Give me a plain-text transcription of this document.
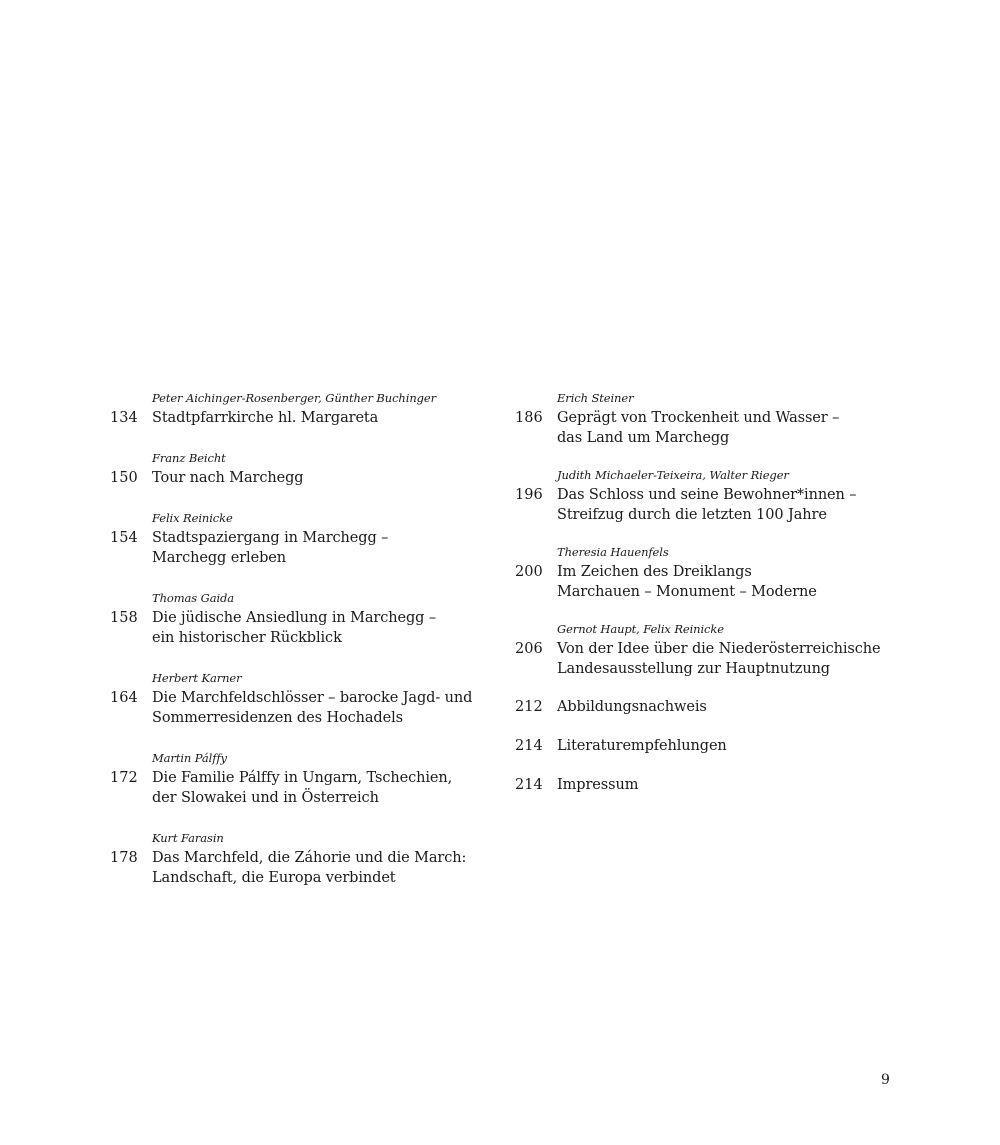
Peter Aichinger-Rosenberger, Günther Buchinger
134 Stadtpfarrkirche hl. Margareta
Franz Beicht
150 Tour nach Marchegg
Felix Reinicke
154 Stadtspaziergang in Marchegg –
Marchegg erleben
Thomas Gaida
158 Die jüdische Ansiedlung in Marchegg –
ein historischer Rückblick
Herbert Karner
164 Die Marchfeldschlösser – barocke Jagd- und
Sommerresidenzen des Hochadels
Martin Pálffy
172 Die Familie Pálffy in Ungarn, Tschechien,
der Slowakei und in Österreich
Kurt Farasin
178 Das Marchfeld, die Záhorie und die March:
Landschaft, die Europa verbindet
Erich Steiner
186 Geprägt von Trockenheit und Wasser –
das Land um Marchegg
Judith Michaeler-Teixeira, Walter Rieger
196 Das Schloss und seine Bewohner*innen –
Streifzug durch die letzten 100 Jahre
Theresia Hauenfels
200 Im Zeichen des Dreiklangs
Marchauen – Monument – Moderne
Gernot Haupt, Felix Reinicke
206 Von der Idee über die Niederösterreichische
Landesausstellung zur Hauptnutzung
212 Abbildungsnachweis
214 Literaturempfehlungen
214 Impressum
9
